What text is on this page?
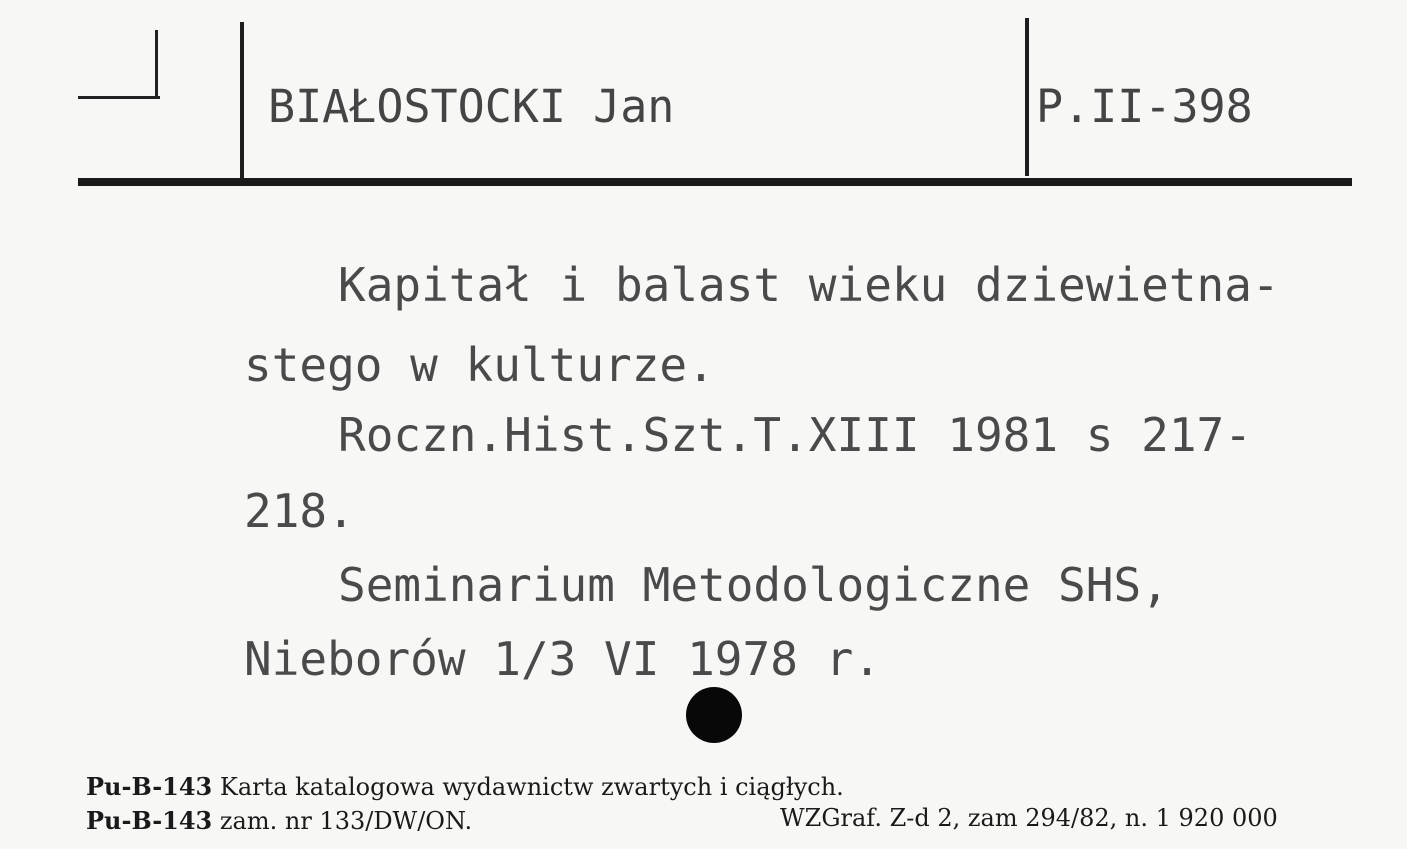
BIAŁOSTOCKI Jan	P.II-398
Kapitał i balast wieku dziewietna-
stego w kulturze.
Roczn.Hist.Szt.T.XIII 1981 s 217-
218.
Seminarium Metodologiczne SHS,
Nieborów 1/3 VI 1978 r.
Pu-B-143 Karta katalogowa wydawnictw zwartych i ciągłych.
Pu-B-143 zam. nr 133/DW/ON.	WZGraf. Z-d 2, zam 294/82, n. 1 920 000
